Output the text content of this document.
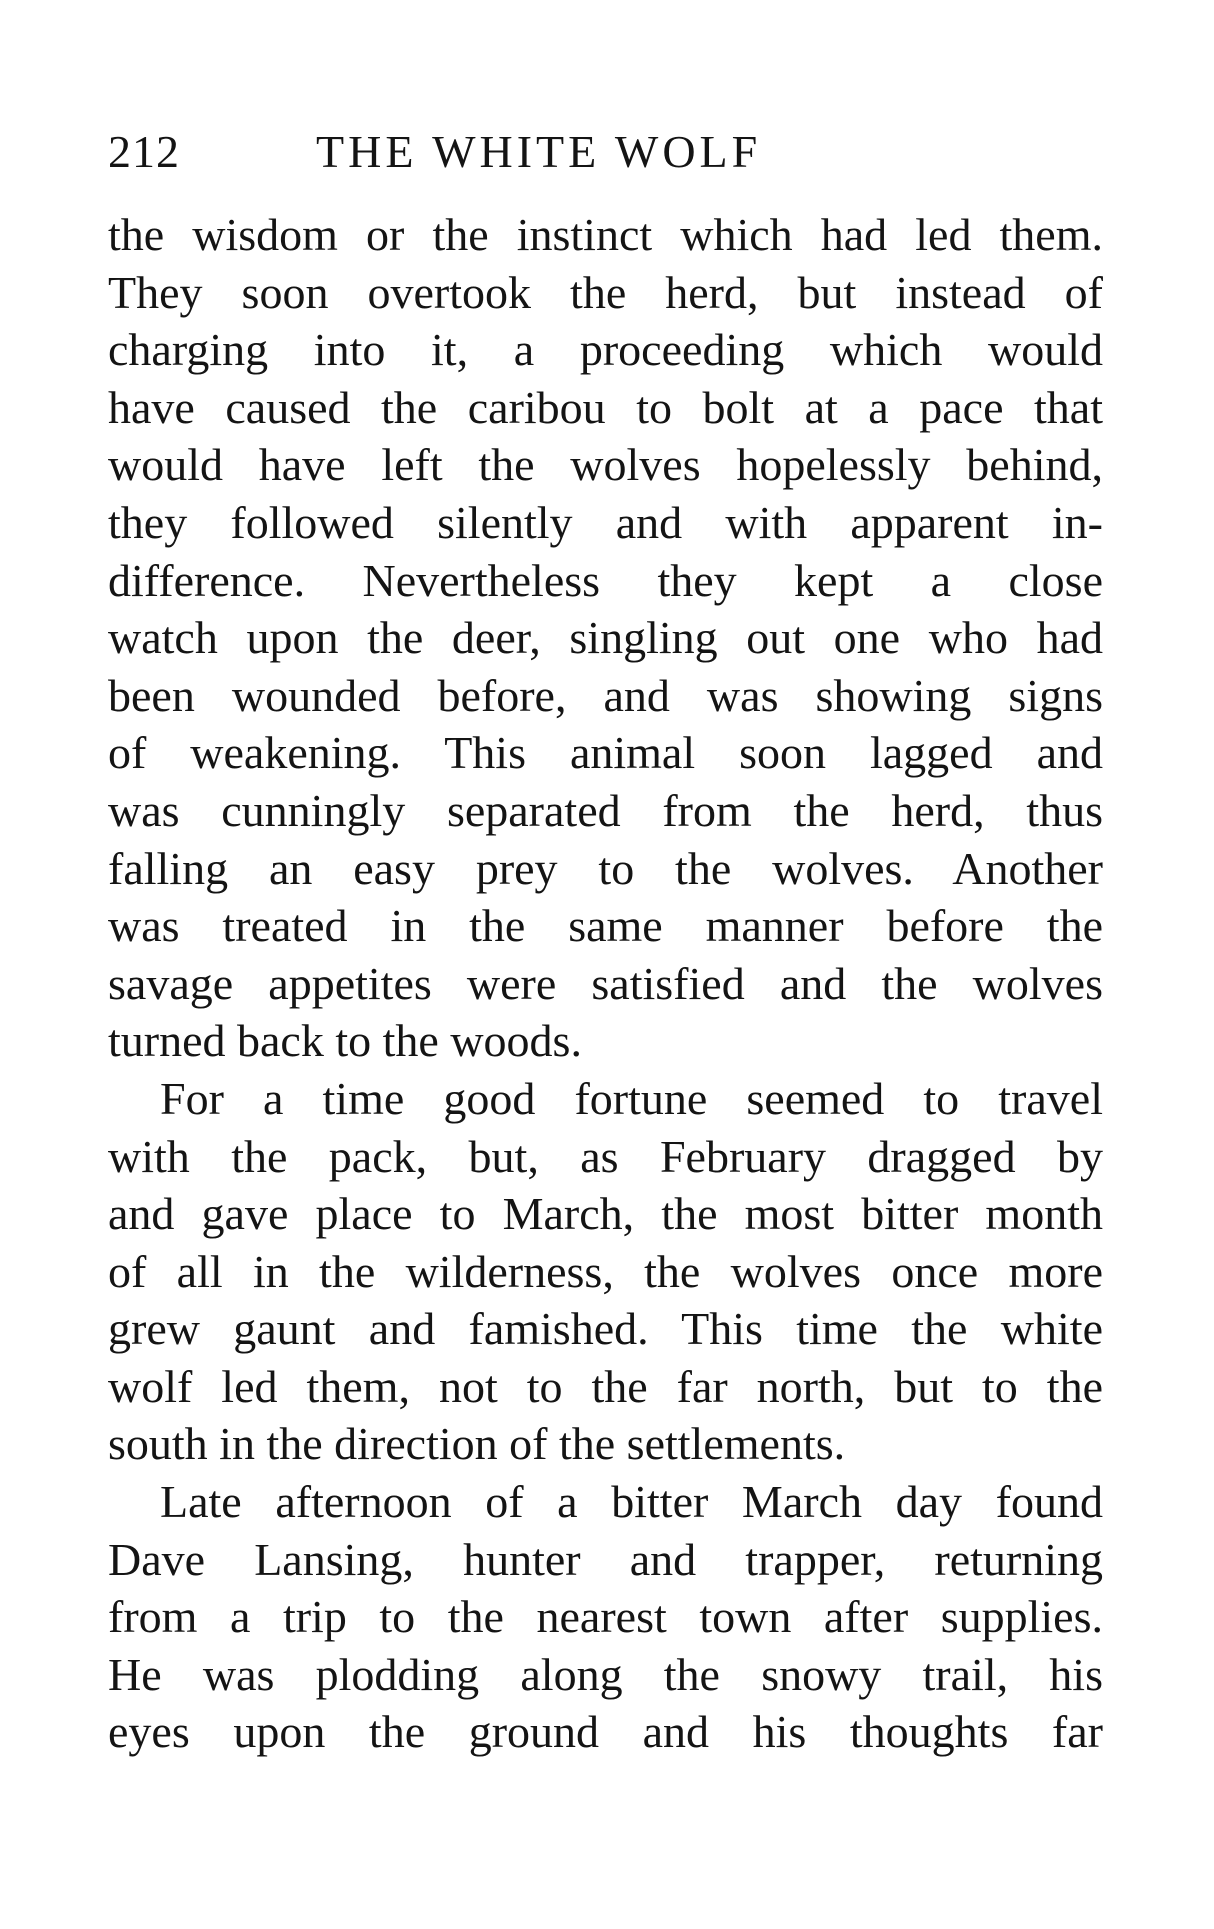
212	THE WHITE WOLF
the wisdom or the instinct which had led them.
They soon overtook the herd, but instead of
charging into it, a proceeding which would
have caused the caribou to bolt at a pace that
would have left the wolves hopelessly behind,
they followed silently and with apparent in-
difference. Nevertheless they kept a close
watch upon the deer, singling out one who had
been wounded before, and was showing signs
of weakening. This animal soon lagged and
was cunningly separated from the herd, thus
falling an easy prey to the wolves. Another
was treated in the same manner before the
savage appetites were satisfied and the wolves
turned back to the woods.
For a time good fortune seemed to travel
with the pack, but, as February dragged by
and gave place to March, the most bitter month
of all in the wilderness, the wolves once more
grew gaunt and famished. This time the white
wolf led them, not to the far north, but to the
south in the direction of the settlements.
Late afternoon of a bitter March day found
Dave Lansing, hunter and trapper, returning
from a trip to the nearest town after supplies.
He was plodding along the snowy trail, his
eyes upon the ground and his thoughts far
